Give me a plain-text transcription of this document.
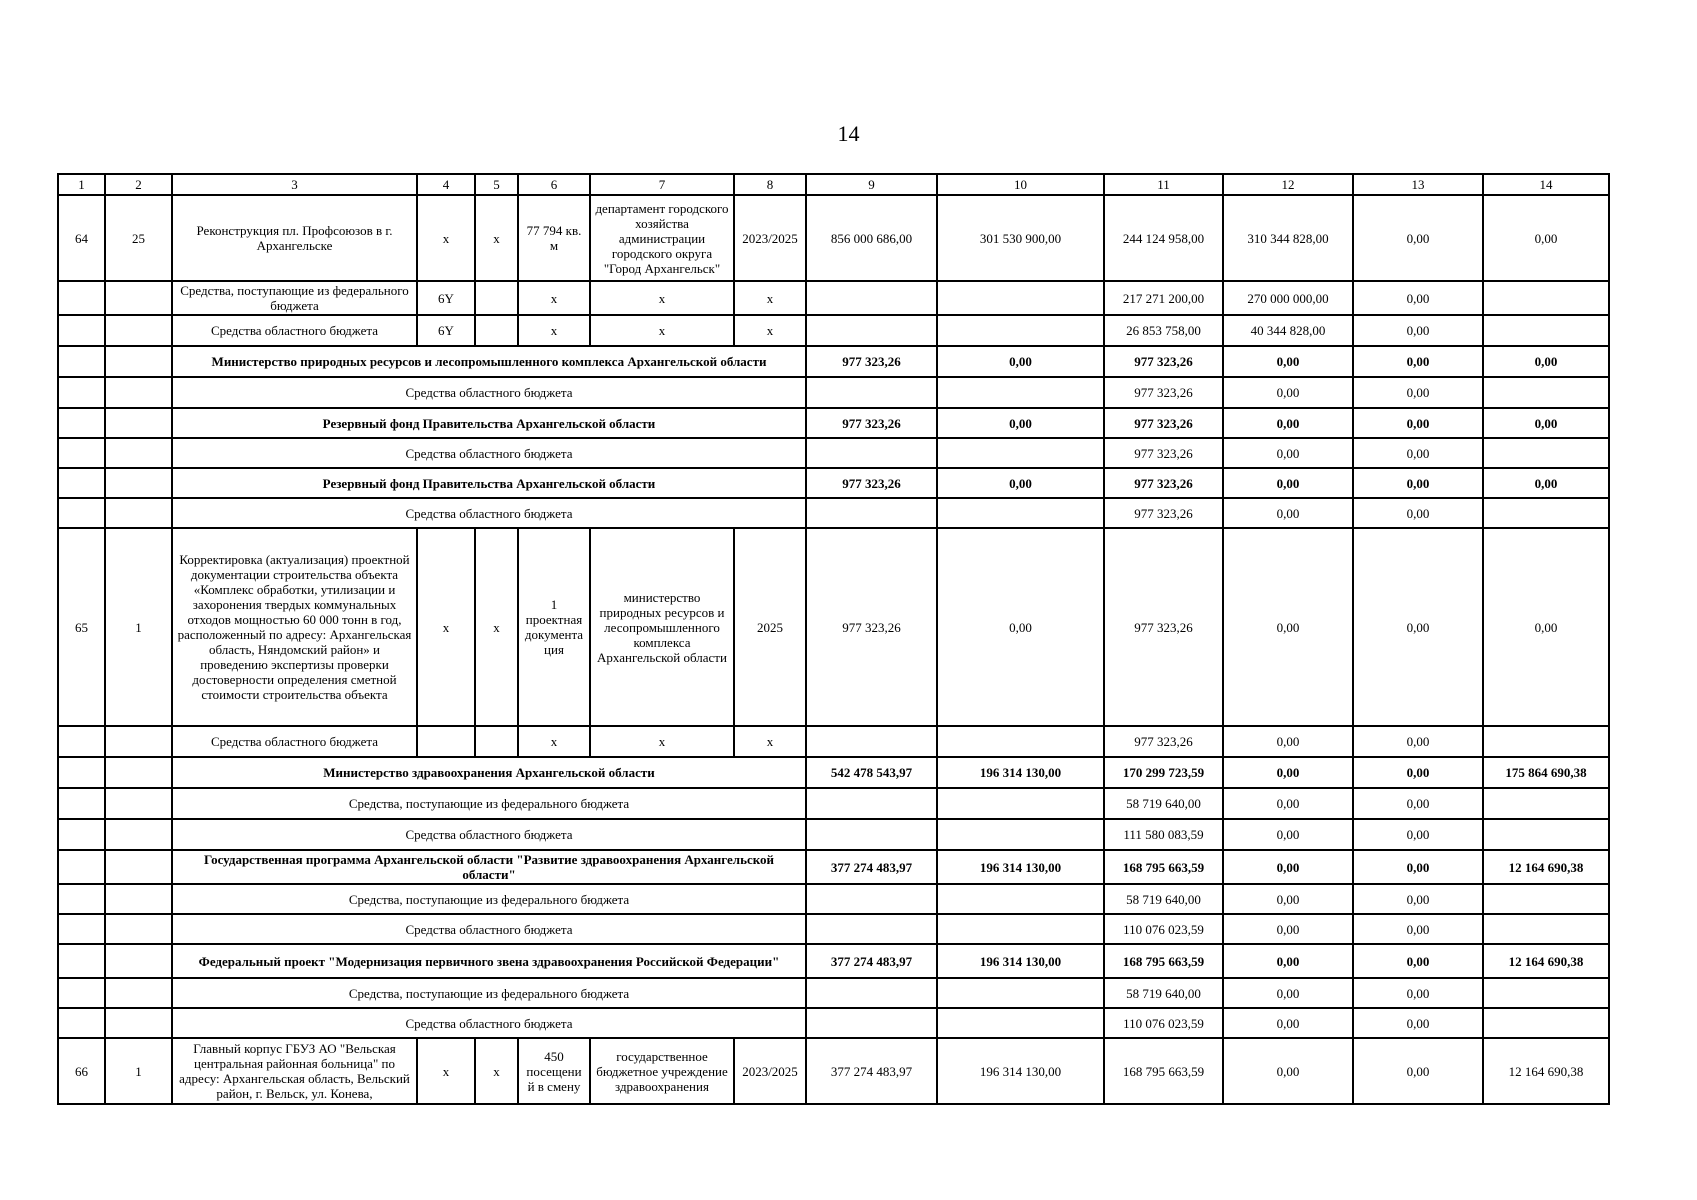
14
1	2	3	4	5	6	7	8	9	10	11	12	13	14
64	25	Реконструкция пл. Профсоюзов в г. Архангельске	х	х	77 794 кв. м	департамент городского хозяйства администрации городского округа "Город Архангельск"	2023/2025	856 000 686,00	301 530 900,00	244 124 958,00	310 344 828,00	0,00	0,00
		Средства, поступающие из федерального бюджета	6Y		х	х	х			217 271 200,00	270 000 000,00	0,00	
		Средства областного бюджета	6Y		х	х	х			26 853 758,00	40 344 828,00	0,00	
		Министерство природных ресурсов и лесопромышленного комплекса Архангельской области						977 323,26	0,00	977 323,26	0,00	0,00	0,00
		Средства областного бюджета								977 323,26	0,00	0,00	
		Резервный фонд Правительства Архангельской области						977 323,26	0,00	977 323,26	0,00	0,00	0,00
		Средства областного бюджета								977 323,26	0,00	0,00	
		Резервный фонд Правительства Архангельской области						977 323,26	0,00	977 323,26	0,00	0,00	0,00
		Средства областного бюджета								977 323,26	0,00	0,00	
65	1	Корректировка (актуализация) проектной документации строительства объекта «Комплекс обработки, утилизации и захоронения твердых коммунальных отходов мощностью 60 000 тонн в год, расположенный по адресу: Архангельская область, Няндомский район» и проведению экспертизы проверки достоверности определения сметной стоимости строительства объекта	х	х	1 проектная документа ция	министерство природных ресурсов и лесопромышленного комплекса Архангельской области	2025	977 323,26	0,00	977 323,26	0,00	0,00	0,00
		Средства областного бюджета			х	х	х			977 323,26	0,00	0,00	
		Министерство здравоохранения Архангельской области						542 478 543,97	196 314 130,00	170 299 723,59	0,00	0,00	175 864 690,38
		Средства, поступающие из федерального бюджета								58 719 640,00	0,00	0,00	
		Средства областного бюджета								111 580 083,59	0,00	0,00	
		Государственная программа Архангельской области "Развитие здравоохранения Архангельской области"						377 274 483,97	196 314 130,00	168 795 663,59	0,00	0,00	12 164 690,38
		Средства, поступающие из федерального бюджета								58 719 640,00	0,00	0,00	
		Средства областного бюджета								110 076 023,59	0,00	0,00	
		Федеральный проект "Модернизация первичного звена здравоохранения Российской Федерации"						377 274 483,97	196 314 130,00	168 795 663,59	0,00	0,00	12 164 690,38
		Средства, поступающие из федерального бюджета								58 719 640,00	0,00	0,00	
		Средства областного бюджета								110 076 023,59	0,00	0,00	
66	1	Главный корпус ГБУЗ АО "Вельская центральная районная больница" по адресу: Архангельская область, Вельский район, г. Вельск, ул. Конева,	х	х	450 посещени й в смену	государственное бюджетное учреждение здравоохранения	2023/2025	377 274 483,97	196 314 130,00	168 795 663,59	0,00	0,00	12 164 690,38
